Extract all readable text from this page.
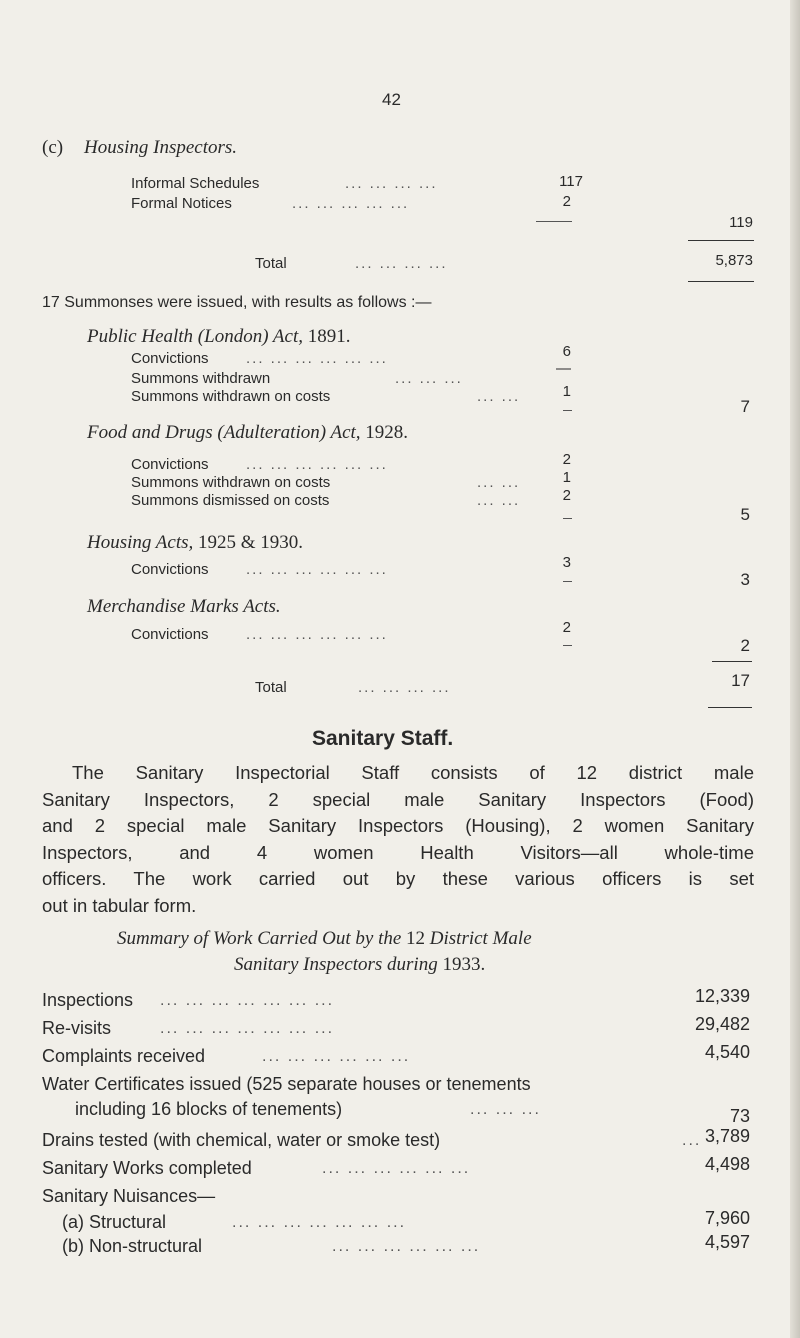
42
(c) Housing Inspectors.
Informal Schedules	... ... ... ...	117
Formal Notices	... ... ... ... ...	2
119
Total	... ... ... ...	5,873
17 Summonses were issued, with results as follows :—
Public Health (London) Act, 1891.
Convictions ... ... ... ... ... ...	6
Summons withdrawn	... ... ...
—
Summons withdrawn on costs	... ...	1
7
Food and Drugs (Adulteration) Act, 1928.
Convictions ... ... ... ... ... ...	2
Summons withdrawn on costs	... ...	1
Summons dismissed on costs	... ...	2
5
Housing Acts, 1925 & 1930.
Convictions ... ... ... ... ... ...	3
3
Merchandise Marks Acts.
Convictions ... ... ... ... ... ...	2
2
Total	... ... ... ...	17
Sanitary Staff.
The Sanitary Inspectorial Staff consists of 12 district male
Sanitary Inspectors, 2 special male Sanitary Inspectors (Food)
and 2 special male Sanitary Inspectors (Housing), 2 women Sanitary
Inspectors, and 4 women Health Visitors—all whole-time
officers. The work carried out by these various officers is set
out in tabular form.
Summary of Work Carried Out by the 12 District Male
Sanitary Inspectors during 1933.
Inspections ... ... ... ... ... ... ...	12,339
Re-visits	... ... ... ... ... ... ...	29,482
Complaints received	... ... ... ... ... ...	4,540
Water Certificates issued (525 separate houses or tenements
including 16 blocks of tenements)	... ... ...	73
Drains tested (with chemical, water or smoke test)	... 3,789
Sanitary Works completed	... ... ... ... ... ...	4,498
Sanitary Nuisances—
(a) Structural	... ... ... ... ... ... ...	7,960
(b) Non-structural	... ... ... ... ... ...	4,597
